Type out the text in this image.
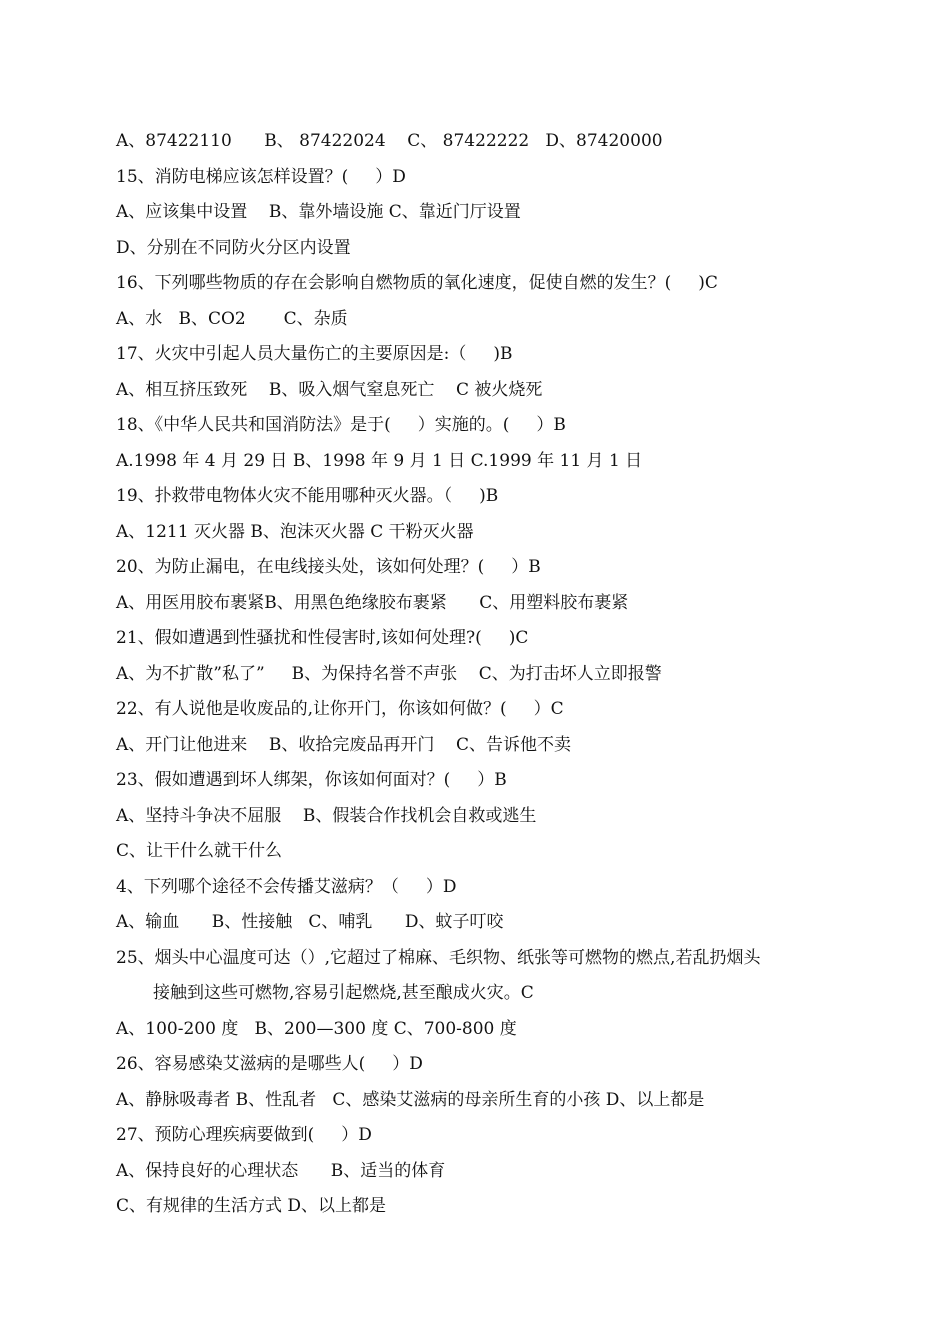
A、87422110      B、 87422024    C、 87422222   D、87420000
15、消防电梯应该怎样设置？(     ）D
A、应该集中设置    B、靠外墙设施 C、靠近门厅设置
D、分别在不同防火分区内设置
16、下列哪些物质的存在会影响自燃物质的氧化速度，促使自燃的发生？(     )C
A、水   B、CO2       C、杂质
17、火灾中引起人员大量伤亡的主要原因是:（     )B
A、相互挤压致死    B、吸入烟气窒息死亡    C 被火烧死
18、《中华人民共和国消防法》是于(     ）实施的。(     ）B
A.1998 年 4 月 29 日 B、1998 年 9 月 1 日 C.1999 年 11 月 1 日
19、扑救带电物体火灾不能用哪种灭火器。（     )B
A、1211 灭火器 B、泡沫灭火器 C 干粉灭火器
20、为防止漏电，在电线接头处，该如何处理？(     ）B
A、用医用胶布裹紧B、用黑色绝缘胶布裹紧      C、用塑料胶布裹紧
21、假如遭遇到性骚扰和性侵害时,该如何处理?(     )C
A、为不扩散”私了”     B、为保持名誉不声张    C、为打击坏人立即报警
22、有人说他是收废品的,让你开门，你该如何做？(     ）C
A、开门让他进来    B、收拾完废品再开门    C、告诉他不卖
23、假如遭遇到坏人绑架，你该如何面对？(     ）B
A、坚持斗争决不屈服    B、假装合作找机会自救或逃生
C、让干什么就干什么
4、下列哪个途径不会传播艾滋病？（     ）D
A、输血      B、性接触   C、哺乳      D、蚊子叮咬
25、烟头中心温度可达（）,它超过了棉麻、毛织物、纸张等可燃物的燃点,若乱扔烟头
接触到这些可燃物,容易引起燃烧,甚至酿成火灾。C
A、100-200 度   B、200—300 度 C、700-800 度
26、容易感染艾滋病的是哪些人(     ）D
A、静脉吸毒者 B、性乱者   C、感染艾滋病的母亲所生育的小孩 D、以上都是
27、预防心理疾病要做到(     ）D
A、保持良好的心理状态      B、适当的体育
C、有规律的生活方式 D、以上都是
